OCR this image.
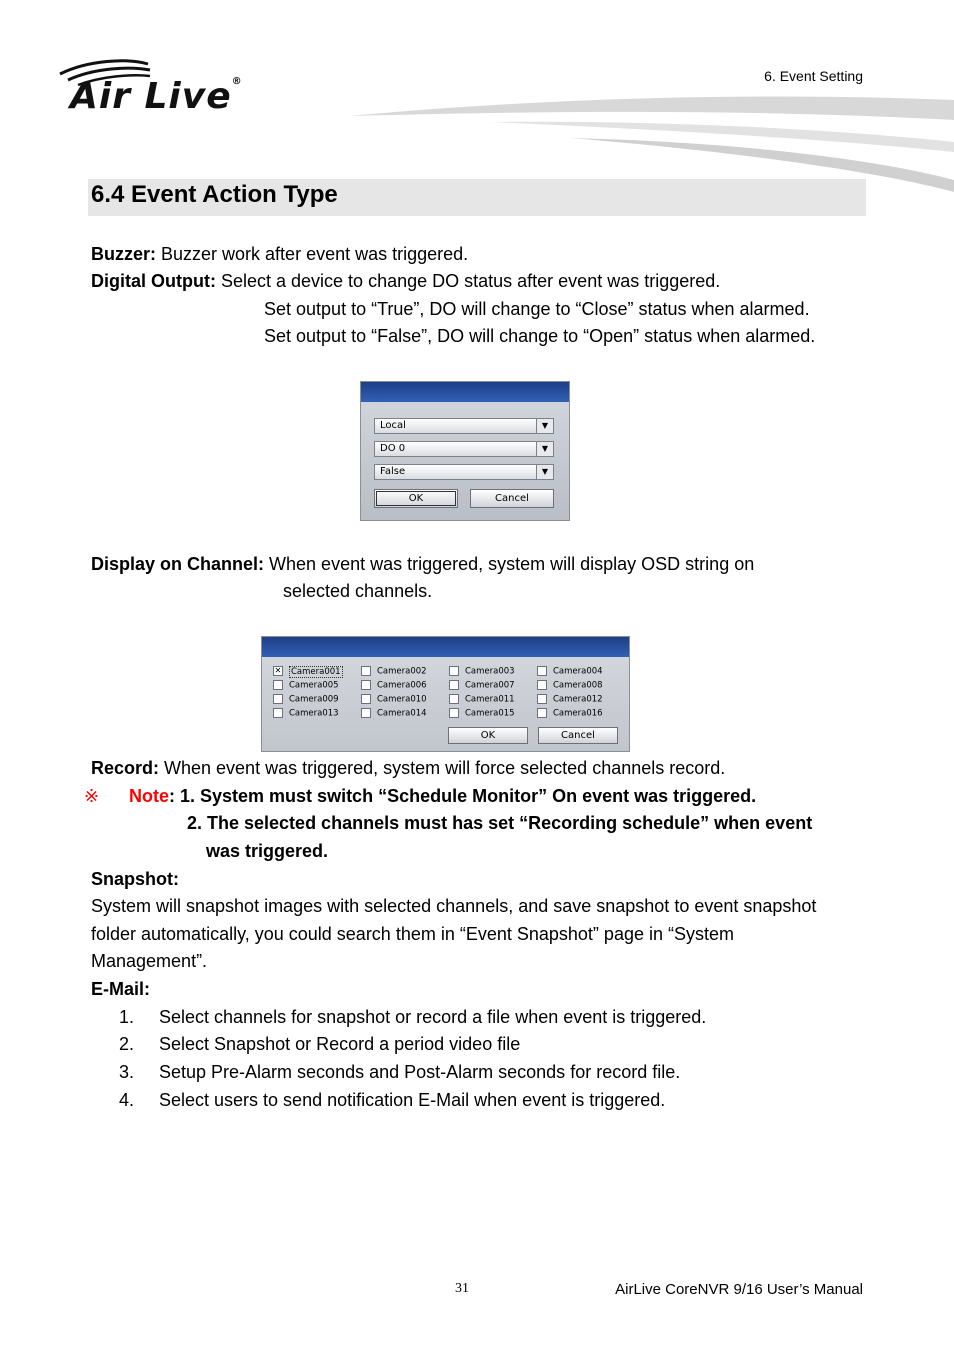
Air Live®	6. Event Setting
6.4 Event Action Type
Buzzer: Buzzer work after event was triggered.
Digital Output: Select a device to change DO status after event was triggered.
Set output to “True”, DO will change to “Close” status when alarmed.
Set output to “False”, DO will change to “Open” status when alarmed.
Local	▼
DO 0	▼
False	▼
OK	Cancel
Display on Channel: When event was triggered, system will display OSD string on
selected channels.
✕ Camera001	Camera002	Camera003	Camera004
Camera005	Camera006	Camera007	Camera008
Camera009	Camera010	Camera011	Camera012
Camera013	Camera014	Camera015	Camera016
OK	Cancel
Record: When event was triggered, system will force selected channels record.
※ Note: 1. System must switch “Schedule Monitor” On event was triggered.
2. The selected channels must has set “Recording schedule” when event
was triggered.
Snapshot:
System will snapshot images with selected channels, and save snapshot to event snapshot
folder automatically, you could search them in “Event Snapshot” page in “System
Management”.
E-Mail:
1. Select channels for snapshot or record a file when event is triggered.
2. Select Snapshot or Record a period video file
3. Setup Pre-Alarm seconds and Post-Alarm seconds for record file.
4. Select users to send notification E-Mail when event is triggered.
31	AirLive CoreNVR 9/16 User’s Manual
